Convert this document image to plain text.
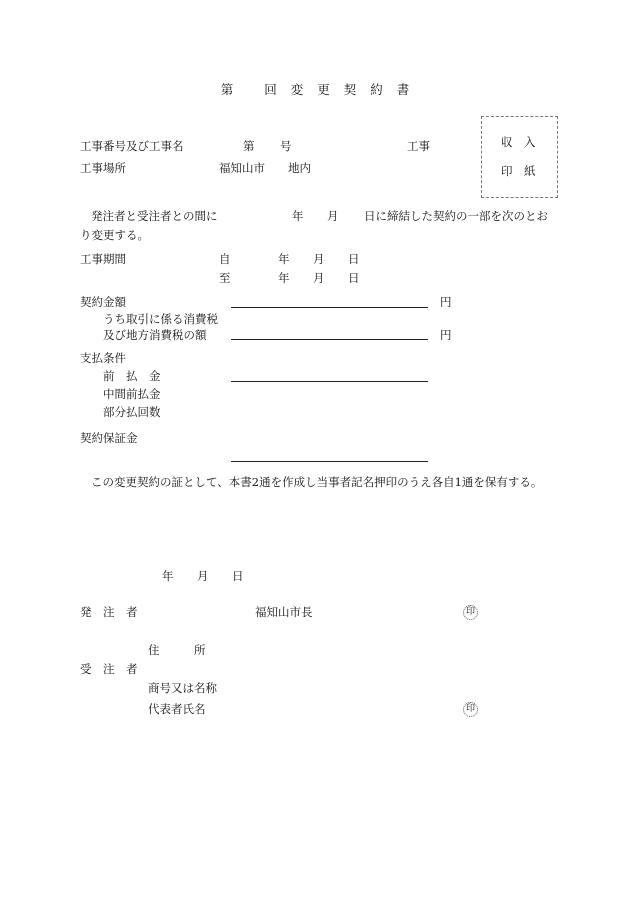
第 回 変 更 契 約 書
収　入
印　紙
工事番号及び工事名	第 号	工事
工事場所	福知山市 地内
発注者と受注者との間に	年 月 日に締結した契約の一部を次のとお
り変更する。
工事期間	自	年 月 日
至	年 月 日
契約金額	円
うち取引に係る消費税
及び地方消費税の額	円
支払条件
前　払　金
中間前払金
部分払回数
契約保証金
この変更契約の証として、本書2通を作成し当事者記名押印のうえ各自1通を保有する。
年 月 日
発　注　者	福知山市長	印
住　　　所
受　注　者
商号又は名称
代表者氏名	印
